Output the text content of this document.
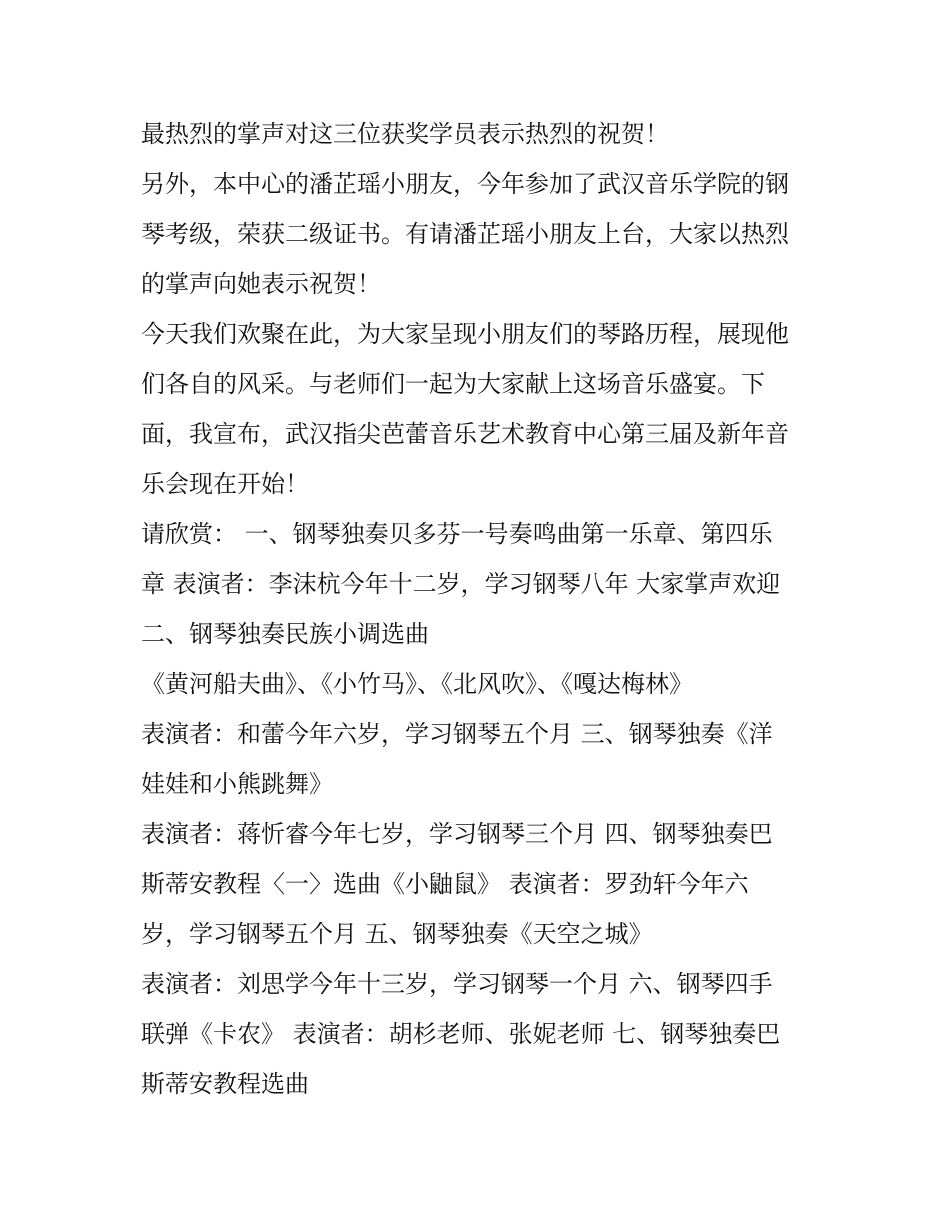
最热烈的掌声对这三位获奖学员表示热烈的祝贺！
另外，本中心的潘芷瑶小朋友，今年参加了武汉音乐学院的钢
琴考级，荣获二级证书。有请潘芷瑶小朋友上台，大家以热烈
的掌声向她表示祝贺！
今天我们欢聚在此，为大家呈现小朋友们的琴路历程，展现他
们各自的风采。与老师们一起为大家献上这场音乐盛宴。下
面，我宣布，武汉指尖芭蕾音乐艺术教育中心第三届及新年音
乐会现在开始！
请欣赏： 一、钢琴独奏贝多芬一号奏鸣曲第一乐章、第四乐
章 表演者：李沫杭今年十二岁，学习钢琴八年 大家掌声欢迎
二、钢琴独奏民族小调选曲
《黄河船夫曲》、《小竹马》、《北风吹》、《嘎达梅林》
表演者：和蕾今年六岁，学习钢琴五个月 三、钢琴独奏《洋
娃娃和小熊跳舞》
表演者：蒋忻睿今年七岁，学习钢琴三个月 四、钢琴独奏巴
斯蒂安教程〈一〉选曲《小鼬鼠》 表演者：罗劲轩今年六
岁，学习钢琴五个月 五、钢琴独奏《天空之城》
表演者：刘思学今年十三岁，学习钢琴一个月 六、钢琴四手
联弹《卡农》 表演者：胡杉老师、张妮老师 七、钢琴独奏巴
斯蒂安教程选曲
